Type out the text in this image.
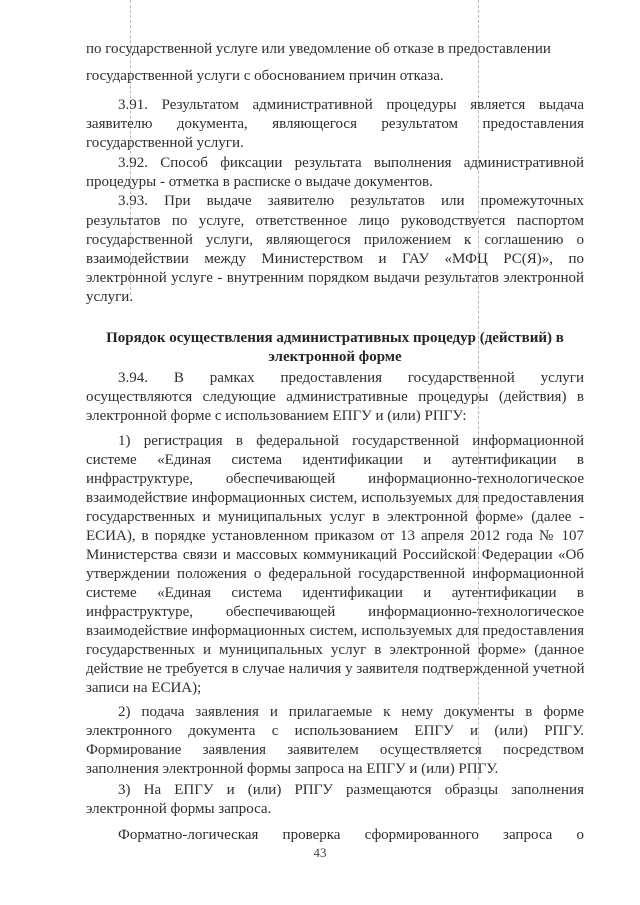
по государственной услуге или уведомление об отказе в предоставлении
государственной услуги с обоснованием причин отказа.
3.91. Результатом административной процедуры является выдача
заявителю документа, являющегося результатом предоставления
государственной услуги.
3.92. Способ фиксации результата выполнения административной
процедуры - отметка в расписке о выдаче документов.
3.93. При выдаче заявителю результатов или промежуточных
результатов по услуге, ответственное лицо руководствуется паспортом
государственной услуги, являющегося приложением к соглашению о
взаимодействии между Министерством и ГАУ «МФЦ РС(Я)», по
электронной услуге - внутренним порядком выдачи результатов электронной
услуги.
Порядок осуществления административных процедур (действий) в
электронной форме
3.94. В рамках предоставления государственной услуги
осуществляются следующие административные процедуры (действия) в
электронной форме с использованием ЕПГУ и (или) РПГУ:
1) регистрация в федеральной государственной информационной
системе «Единая система идентификации и аутентификации в
инфраструктуре, обеспечивающей информационно-технологическое
взаимодействие информационных систем, используемых для предоставления
государственных и муниципальных услуг в электронной форме» (далее -
ЕСИА), в порядке установленном приказом от 13 апреля 2012 года № 107
Министерства связи и массовых коммуникаций Российской Федерации «Об
утверждении положения о федеральной государственной информационной
системе «Единая система идентификации и аутентификации в
инфраструктуре, обеспечивающей информационно-технологическое
взаимодействие информационных систем, используемых для предоставления
государственных и муниципальных услуг в электронной форме» (данное
действие не требуется в случае наличия у заявителя подтвержденной учетной
записи на ЕСИА);
2) подача заявления и прилагаемые к нему документы в форме
электронного документа с использованием ЕПГУ и (или) РПГУ.
Формирование заявления заявителем осуществляется посредством
заполнения электронной формы запроса на ЕПГУ и (или) РПГУ.
3) На ЕПГУ и (или) РПГУ размещаются образцы заполнения
электронной формы запроса.
Форматно-логическая проверка сформированного запроса о
43
